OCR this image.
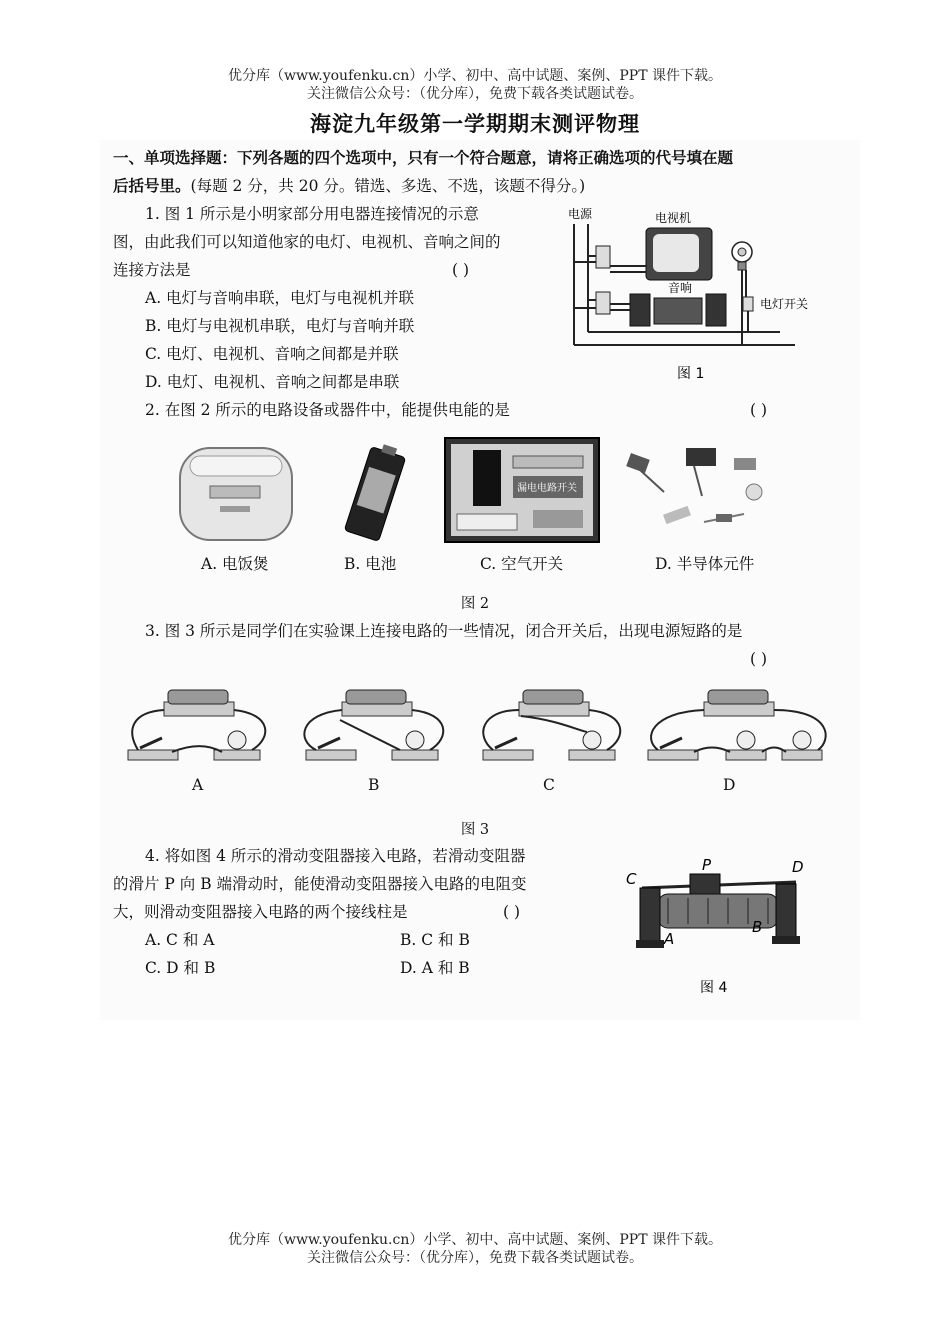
优分库（www.youfenku.cn）小学、初中、高中试题、案例、PPT 课件下载。
关注微信公众号：（优分库），免费下载各类试题试卷。
海淀九年级第一学期期末测评物理
一、单项选择题：下列各题的四个选项中，只有一个符合题意，请将正确选项的代号填在题
后括号里。(每题 2 分，共 20 分。错选、多选、不选，该题不得分。)
1. 图 1 所示是小明家部分用电器连接情况的示意
图，由此我们可以知道他家的电灯、电视机、音响之间的
连接方法是	( )
A. 电灯与音响串联，电灯与电视机并联
B. 电灯与电视机串联，电灯与音响并联
C. 电灯、电视机、音响之间都是并联
D. 电灯、电视机、音响之间都是串联
电源	电视机
音响
电灯开关
图 1
2. 在图 2 所示的电路设备或器件中，能提供电能的是	( )
漏电电路开关
A. 电饭煲	B. 电池	C. 空气开关	D. 半导体元件
图 2
3. 图 3 所示是同学们在实验课上连接电路的一些情况，闭合开关后，出现电源短路的是
( )
A	B	C	D
图 3
4. 将如图 4 所示的滑动变阻器接入电路，若滑动变阻器
的滑片 P 向 B 端滑动时，能使滑动变阻器接入电路的电阻变
大，则滑动变阻器接入电路的两个接线柱是	( )
A. C 和 A	B. C 和 B
C. D 和 B	D. A 和 B
P
C
D
A
B
图 4
优分库（www.youfenku.cn）小学、初中、高中试题、案例、PPT 课件下载。
关注微信公众号：（优分库），免费下载各类试题试卷。
